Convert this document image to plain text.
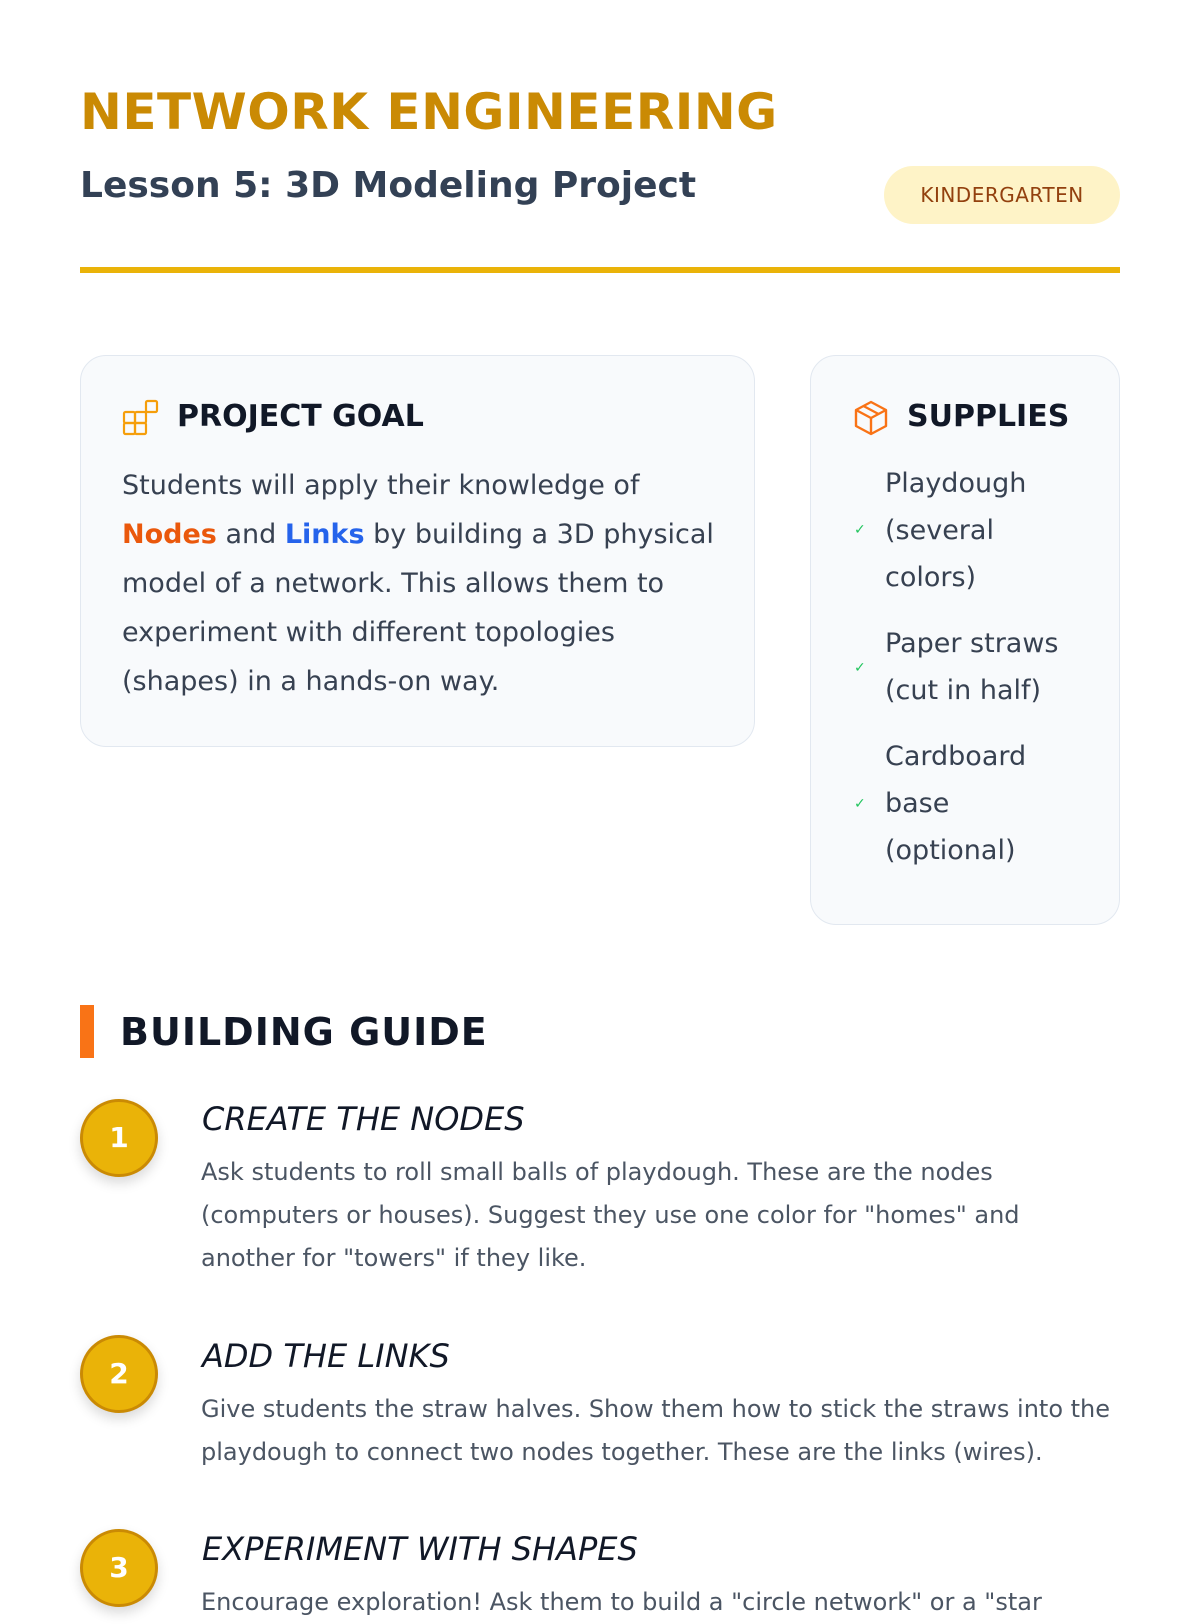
NETWORK ENGINEERING
Lesson 5: 3D Modeling Project	KINDERGARTEN
PROJECT GOAL

Students will apply their knowledge of Nodes and Links by building a 3D physical model of a network. This allows them to experiment with different topologies (shapes) in a hands-on way.

SUPPLIES
✓
Playdough (several colors)
✓
Paper straws (cut in half)
✓
Cardboard base (optional)
BUILDING GUIDE
1	CREATE THE NODES

Ask students to roll small balls of playdough. These are the nodes (computers or houses). Suggest they use one color for "homes" and another for "towers" if they like.

2	ADD THE LINKS

Give students the straw halves. Show them how to stick the straws into the playdough to connect two nodes together. These are the links (wires).

3	EXPERIMENT WITH SHAPES

Encourage exploration! Ask them to build a "circle network" or a "star
